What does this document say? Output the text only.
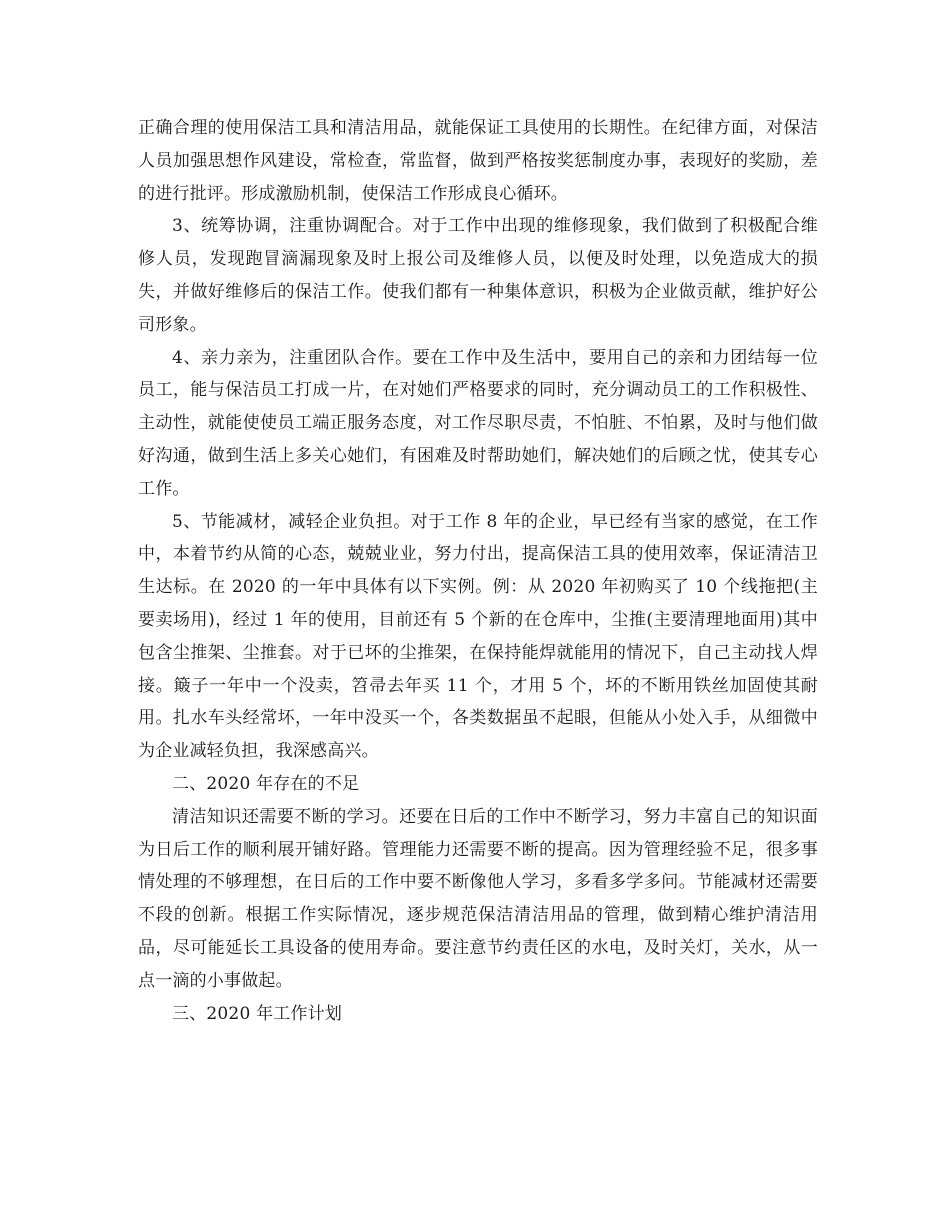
正确合理的使用保洁工具和清洁用品，就能保证工具使用的长期性。在纪律方面，对保洁人员加强思想作风建设，常检查，常监督，做到严格按奖惩制度办事，表现好的奖励，差的进行批评。形成激励机制，使保洁工作形成良心循环。

3、统筹协调，注重协调配合。对于工作中出现的维修现象，我们做到了积极配合维修人员，发现跑冒滴漏现象及时上报公司及维修人员，以便及时处理，以免造成大的损失，并做好维修后的保洁工作。使我们都有一种集体意识，积极为企业做贡献，维护好公司形象。

4、亲力亲为，注重团队合作。要在工作中及生活中，要用自己的亲和力团结每一位员工，能与保洁员工打成一片，在对她们严格要求的同时，充分调动员工的工作积极性、主动性，就能使使员工端正服务态度，对工作尽职尽责，不怕脏、不怕累，及时与他们做好沟通，做到生活上多关心她们，有困难及时帮助她们，解决她们的后顾之忧，使其专心工作。

5、节能减材，减轻企业负担。对于工作 8 年的企业，早已经有当家的感觉，在工作中，本着节约从简的心态，兢兢业业，努力付出，提高保洁工具的使用效率，保证清洁卫生达标。在 2020 的一年中具体有以下实例。例：从 2020 年初购买了 10 个线拖把(主要卖场用)，经过 1 年的使用，目前还有 5 个新的在仓库中，尘推(主要清理地面用)其中包含尘推架、尘推套。对于已坏的尘推架，在保持能焊就能用的情况下，自己主动找人焊接。簸子一年中一个没卖，笤帚去年买 11 个，才用 5 个，坏的不断用铁丝加固使其耐用。扎水车头经常坏，一年中没买一个，各类数据虽不起眼，但能从小处入手，从细微中为企业减轻负担，我深感高兴。

二、2020 年存在的不足

清洁知识还需要不断的学习。还要在日后的工作中不断学习，努力丰富自己的知识面为日后工作的顺利展开铺好路。管理能力还需要不断的提高。因为管理经验不足，很多事情处理的不够理想，在日后的工作中要不断像他人学习，多看多学多问。节能减材还需要不段的创新。根据工作实际情况，逐步规范保洁清洁用品的管理，做到精心维护清洁用品，尽可能延长工具设备的使用寿命。要注意节约责任区的水电，及时关灯，关水，从一点一滴的小事做起。

三、2020 年工作计划
